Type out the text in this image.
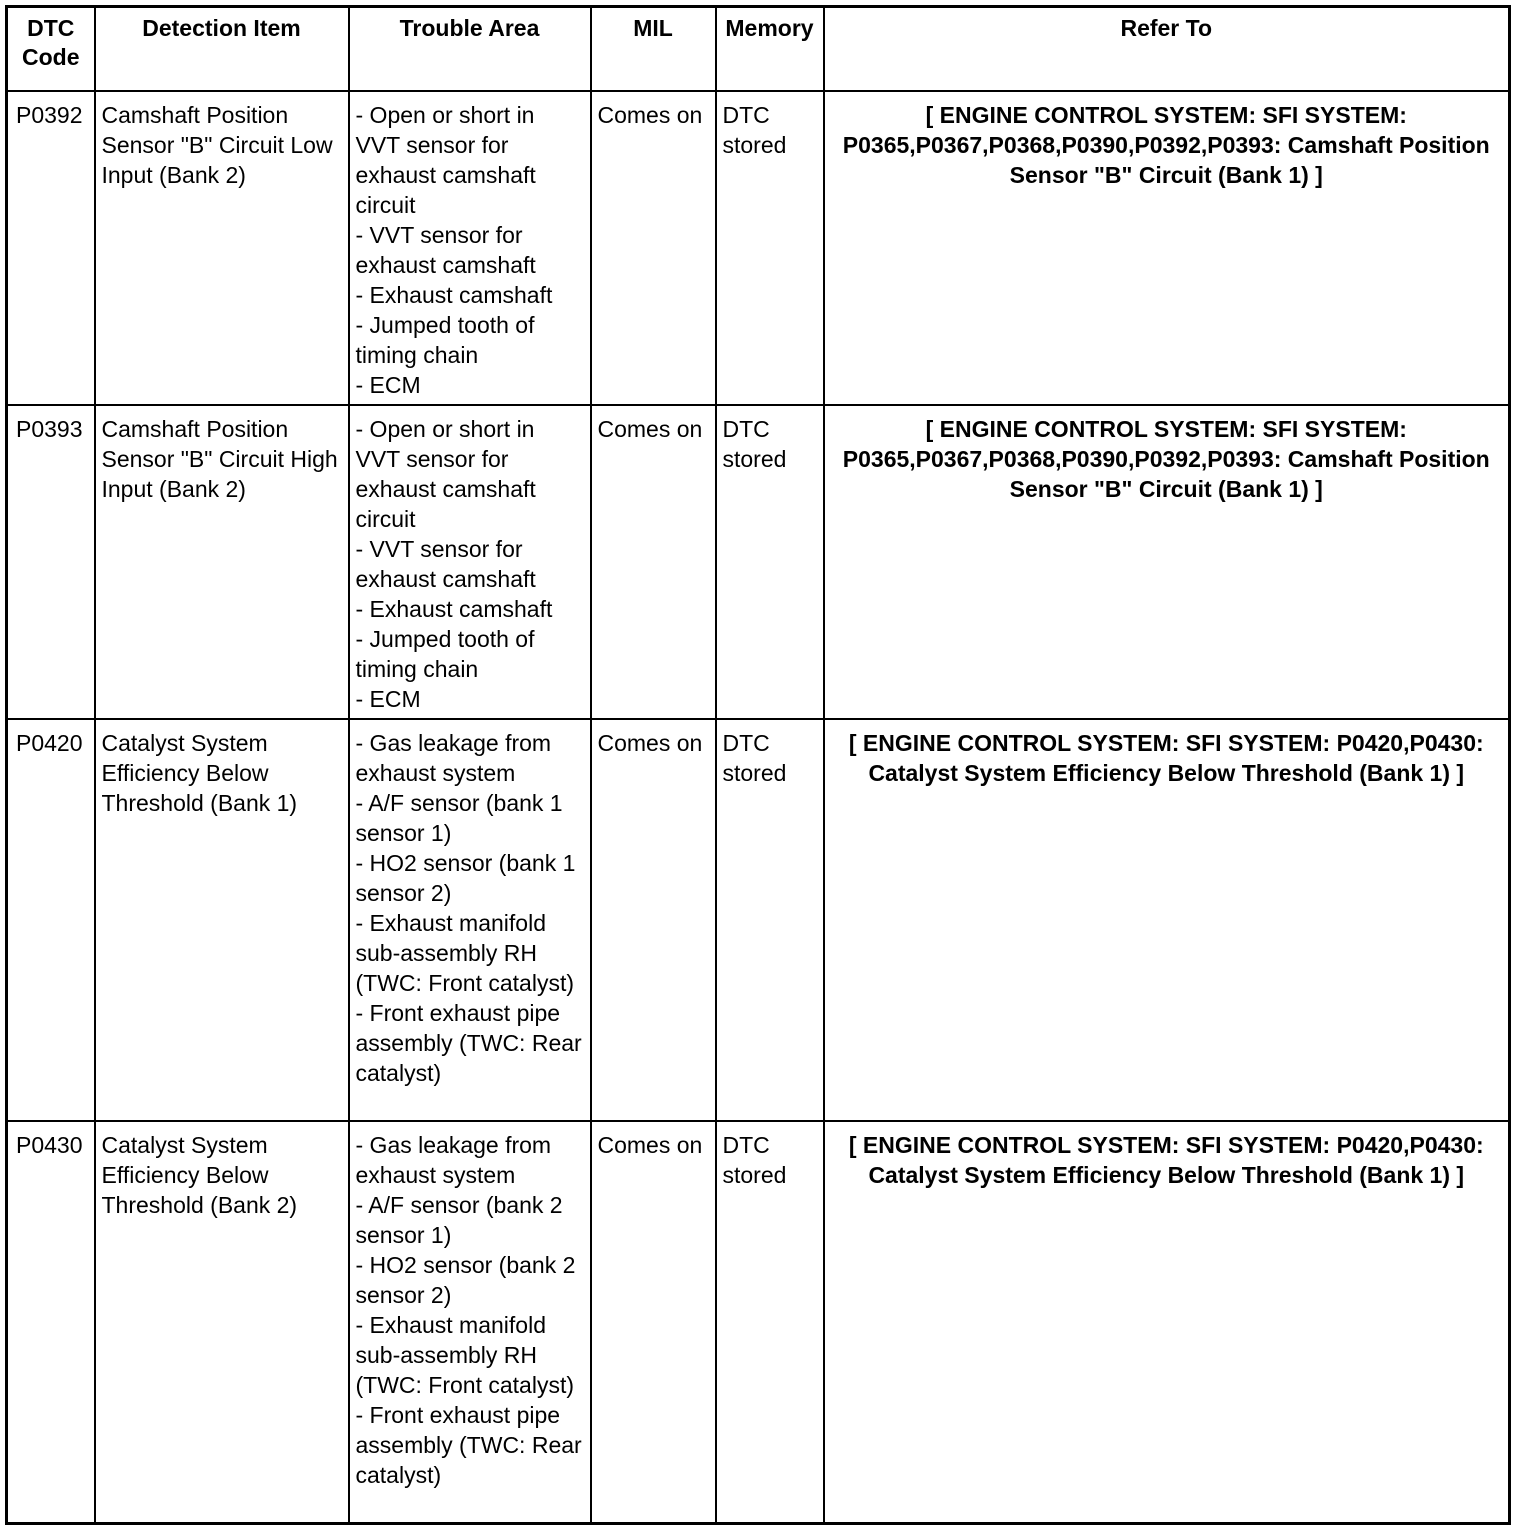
DTC Code	Detection Item	Trouble Area	MIL	Memory	Refer To
P0392	Camshaft Position Sensor "B" Circuit Low Input (Bank 2)	- Open or short in VVT sensor for exhaust camshaft circuit
- VVT sensor for exhaust camshaft
- Exhaust camshaft
- Jumped tooth of timing chain
- ECM	Comes on	DTC stored	[ ENGINE CONTROL SYSTEM: SFI SYSTEM: P0365,P0367,P0368,P0390,P0392,P0393: Camshaft Position Sensor "B" Circuit (Bank 1) ]
P0393	Camshaft Position Sensor "B" Circuit High Input (Bank 2)	- Open or short in VVT sensor for exhaust camshaft circuit
- VVT sensor for exhaust camshaft
- Exhaust camshaft
- Jumped tooth of timing chain
- ECM	Comes on	DTC stored	[ ENGINE CONTROL SYSTEM: SFI SYSTEM: P0365,P0367,P0368,P0390,P0392,P0393: Camshaft Position Sensor "B" Circuit (Bank 1) ]
P0420	Catalyst System Efficiency Below Threshold (Bank 1)	- Gas leakage from exhaust system
- A/F sensor (bank 1 sensor 1)
- HO2 sensor (bank 1 sensor 2)
- Exhaust manifold sub-assembly RH (TWC: Front catalyst)
- Front exhaust pipe assembly (TWC: Rear catalyst)	Comes on	DTC stored	[ ENGINE CONTROL SYSTEM: SFI SYSTEM: P0420,P0430: Catalyst System Efficiency Below Threshold (Bank 1) ]
P0430	Catalyst System Efficiency Below Threshold (Bank 2)	- Gas leakage from exhaust system
- A/F sensor (bank 2 sensor 1)
- HO2 sensor (bank 2 sensor 2)
- Exhaust manifold sub-assembly RH (TWC: Front catalyst)
- Front exhaust pipe assembly (TWC: Rear catalyst)	Comes on	DTC stored	[ ENGINE CONTROL SYSTEM: SFI SYSTEM: P0420,P0430: Catalyst System Efficiency Below Threshold (Bank 1) ]
